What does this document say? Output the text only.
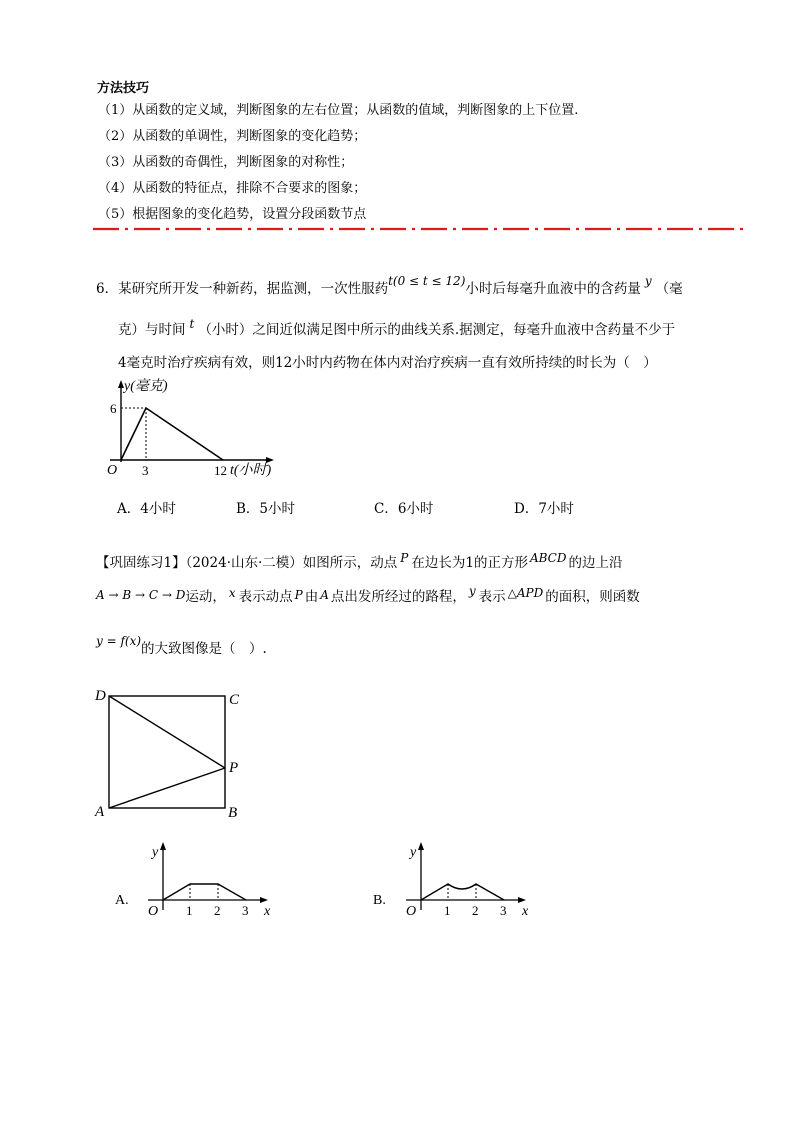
方法技巧
（1）从函数的定义域，判断图象的左右位置；从函数的值域，判断图象的上下位置.
（2）从函数的单调性，判断图象的变化趋势；
（3）从函数的奇偶性，判断图象的对称性；
（4）从函数的特征点，排除不合要求的图象；
（5）根据图象的变化趋势，设置分段函数节点
6．某研究所开发一种新药，据监测，一次性服药t(0 ≤ t ≤ 12)小时后每毫升血液中的含药量 y （毫
克）与时间 t （小时）之间近似满足图中所示的曲线关系.据测定，每毫升血液中含药量不少于
4毫克时治疗疾病有效，则12小时内药物在体内对治疗疾病一直有效所持续的时长为（　）
y(毫克)
6
O 3	12 t(小时)
A．4小时	B．5小时	C．6小时	D．7小时
【巩固练习1】（2024·山东·二模）如图所示，动点 P 在边长为1的正方形 ABCD 的边上沿
A → B → C → D运动， x 表示动点 P 由 A 点出发所经过的路程， y 表示 △APD 的面积，则函数
y = f(x)的大致图像是（　）.
D	C
P
A	B
A.
y
O 1 2 3 x
B.
y
O 1 2 3 x
